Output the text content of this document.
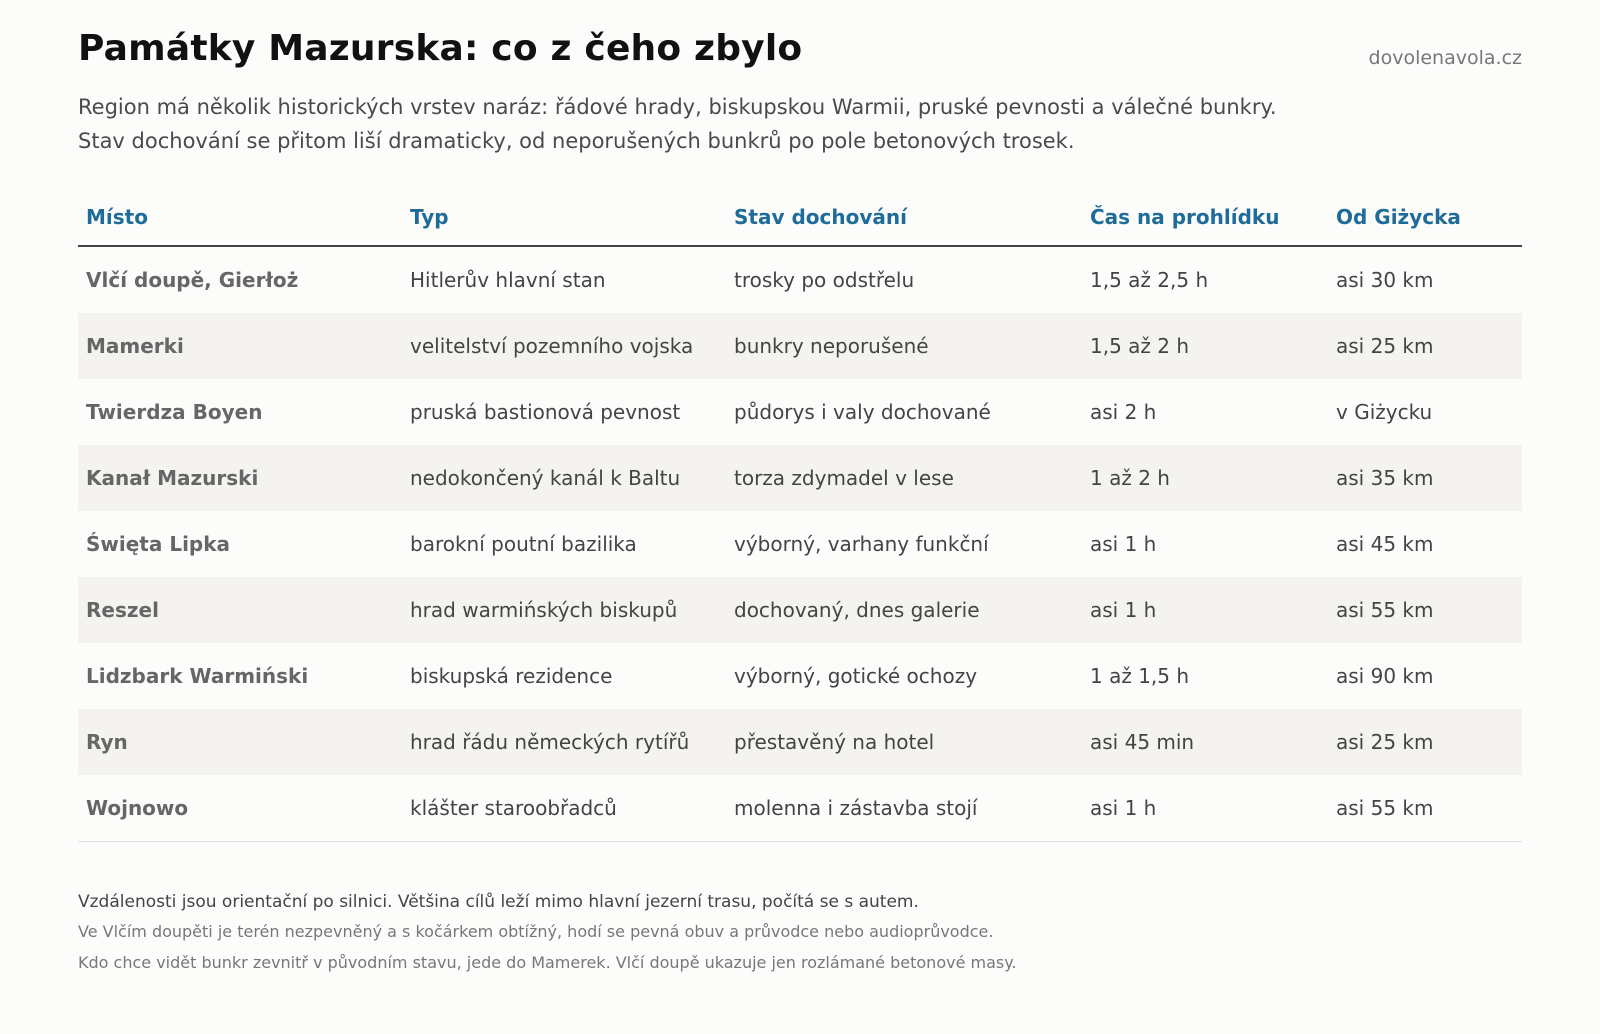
Památky Mazurska: co z čeho zbylo	dovolenavola.cz

Region má několik historických vrstev naráz: řádové hrady, biskupskou Warmii, pruské pevnosti a válečné bunkry.
Stav dochování se přitom liší dramaticky, od neporušených bunkrů po pole betonových trosek.

Místo	Typ	Stav dochování	Čas na prohlídku	Od Giżycka
Vlčí doupě, Gierłoż	Hitlerův hlavní stan	trosky po odstřelu	1,5 až 2,5 h	asi 30 km
Mamerki	velitelství pozemního vojska	bunkry neporušené	1,5 až 2 h	asi 25 km
Twierdza Boyen	pruská bastionová pevnost	půdorys i valy dochované	asi 2 h	v Giżycku
Kanał Mazurski	nedokončený kanál k Baltu	torza zdymadel v lese	1 až 2 h	asi 35 km
Święta Lipka	barokní poutní bazilika	výborný, varhany funkční	asi 1 h	asi 45 km
Reszel	hrad warmińských biskupů	dochovaný, dnes galerie	asi 1 h	asi 55 km
Lidzbark Warmiński	biskupská rezidence	výborný, gotické ochozy	1 až 1,5 h	asi 90 km
Ryn	hrad řádu německých rytířů	přestavěný na hotel	asi 45 min	asi 25 km
Wojnowo	klášter staroobřadců	molenna i zástavba stojí	asi 1 h	asi 55 km

Vzdálenosti jsou orientační po silnici. Většina cílů leží mimo hlavní jezerní trasu, počítá se s autem.

Ve Vlčím doupěti je terén nezpevněný a s kočárkem obtížný, hodí se pevná obuv a průvodce nebo audioprůvodce.

Kdo chce vidět bunkr zevnitř v původním stavu, jede do Mamerek. Vlčí doupě ukazuje jen rozlámané betonové masy.
